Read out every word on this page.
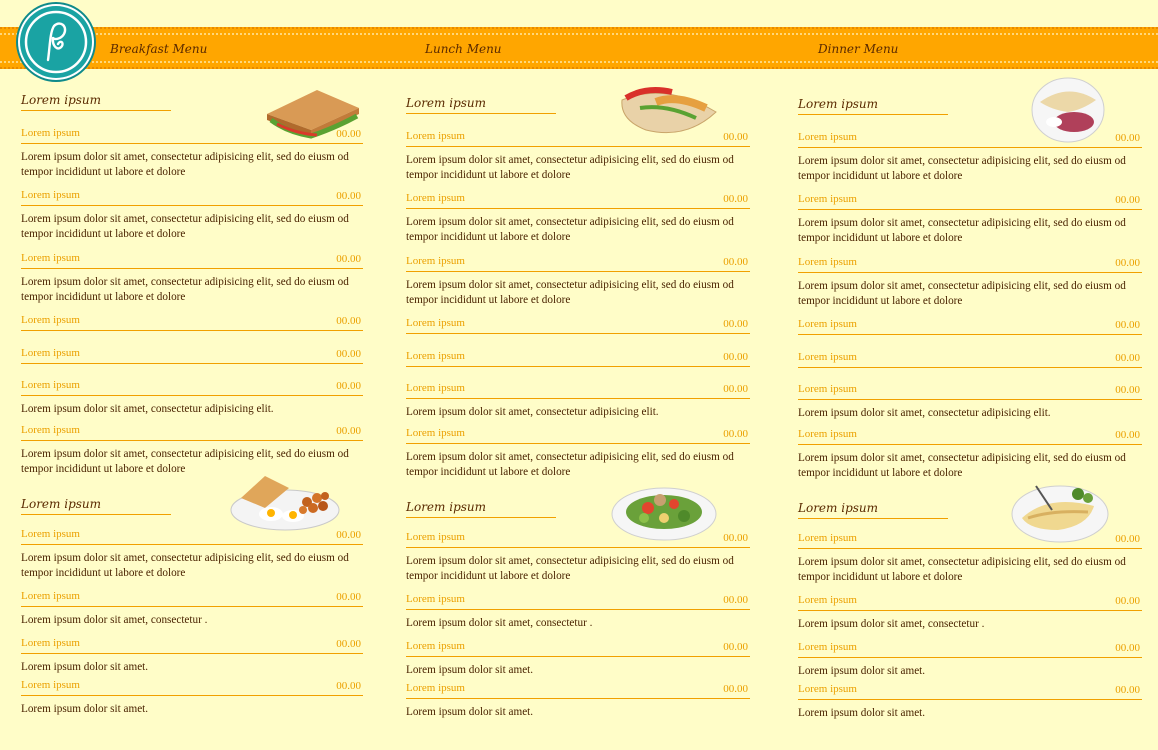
Breakfast Menu	Lunch Menu	Dinner Menu
Lorem ipsum
Lorem ipsum	00.00
Lorem ipsum dolor sit amet, consectetur adipisicing elit, sed do eiusm od tempor incididunt ut labore et dolore
Lorem ipsum	00.00
Lorem ipsum dolor sit amet, consectetur adipisicing elit, sed do eiusm od tempor incididunt ut labore et dolore
Lorem ipsum	00.00
Lorem ipsum dolor sit amet, consectetur adipisicing elit, sed do eiusm od tempor incididunt ut labore et dolore
Lorem ipsum	00.00
Lorem ipsum	00.00
Lorem ipsum	00.00
Lorem ipsum dolor sit amet, consectetur adipisicing elit.
Lorem ipsum	00.00
Lorem ipsum dolor sit amet, consectetur adipisicing elit, sed do eiusm od tempor incididunt ut labore et dolore
Lorem ipsum
Lorem ipsum	00.00
Lorem ipsum dolor sit amet, consectetur adipisicing elit, sed do eiusm od tempor incididunt ut labore et dolore
Lorem ipsum	00.00
Lorem ipsum dolor sit amet, consectetur .
Lorem ipsum	00.00
Lorem ipsum dolor sit amet.
Lorem ipsum	00.00
Lorem ipsum dolor sit amet.
Lorem ipsum
Lorem ipsum	00.00
Lorem ipsum dolor sit amet, consectetur adipisicing elit, sed do eiusm od tempor incididunt ut labore et dolore
Lorem ipsum	00.00
Lorem ipsum dolor sit amet, consectetur adipisicing elit, sed do eiusm od tempor incididunt ut labore et dolore
Lorem ipsum	00.00
Lorem ipsum dolor sit amet, consectetur adipisicing elit, sed do eiusm od tempor incididunt ut labore et dolore
Lorem ipsum	00.00
Lorem ipsum	00.00
Lorem ipsum	00.00
Lorem ipsum dolor sit amet, consectetur adipisicing elit.
Lorem ipsum	00.00
Lorem ipsum dolor sit amet, consectetur adipisicing elit, sed do eiusm od tempor incididunt ut labore et dolore
Lorem ipsum
Lorem ipsum	00.00
Lorem ipsum dolor sit amet, consectetur adipisicing elit, sed do eiusm od tempor incididunt ut labore et dolore
Lorem ipsum	00.00
Lorem ipsum dolor sit amet, consectetur .
Lorem ipsum	00.00
Lorem ipsum dolor sit amet.
Lorem ipsum	00.00
Lorem ipsum dolor sit amet.
Lorem ipsum
Lorem ipsum	00.00
Lorem ipsum dolor sit amet, consectetur adipisicing elit, sed do eiusm od tempor incididunt ut labore et dolore
Lorem ipsum	00.00
Lorem ipsum dolor sit amet, consectetur adipisicing elit, sed do eiusm od tempor incididunt ut labore et dolore
Lorem ipsum	00.00
Lorem ipsum dolor sit amet, consectetur adipisicing elit, sed do eiusm od tempor incididunt ut labore et dolore
Lorem ipsum	00.00
Lorem ipsum	00.00
Lorem ipsum	00.00
Lorem ipsum dolor sit amet, consectetur adipisicing elit.
Lorem ipsum	00.00
Lorem ipsum dolor sit amet, consectetur adipisicing elit, sed do eiusm od tempor incididunt ut labore et dolore
Lorem ipsum
Lorem ipsum	00.00
Lorem ipsum dolor sit amet, consectetur adipisicing elit, sed do eiusm od tempor incididunt ut labore et dolore
Lorem ipsum	00.00
Lorem ipsum dolor sit amet, consectetur .
Lorem ipsum	00.00
Lorem ipsum dolor sit amet.
Lorem ipsum	00.00
Lorem ipsum dolor sit amet.
